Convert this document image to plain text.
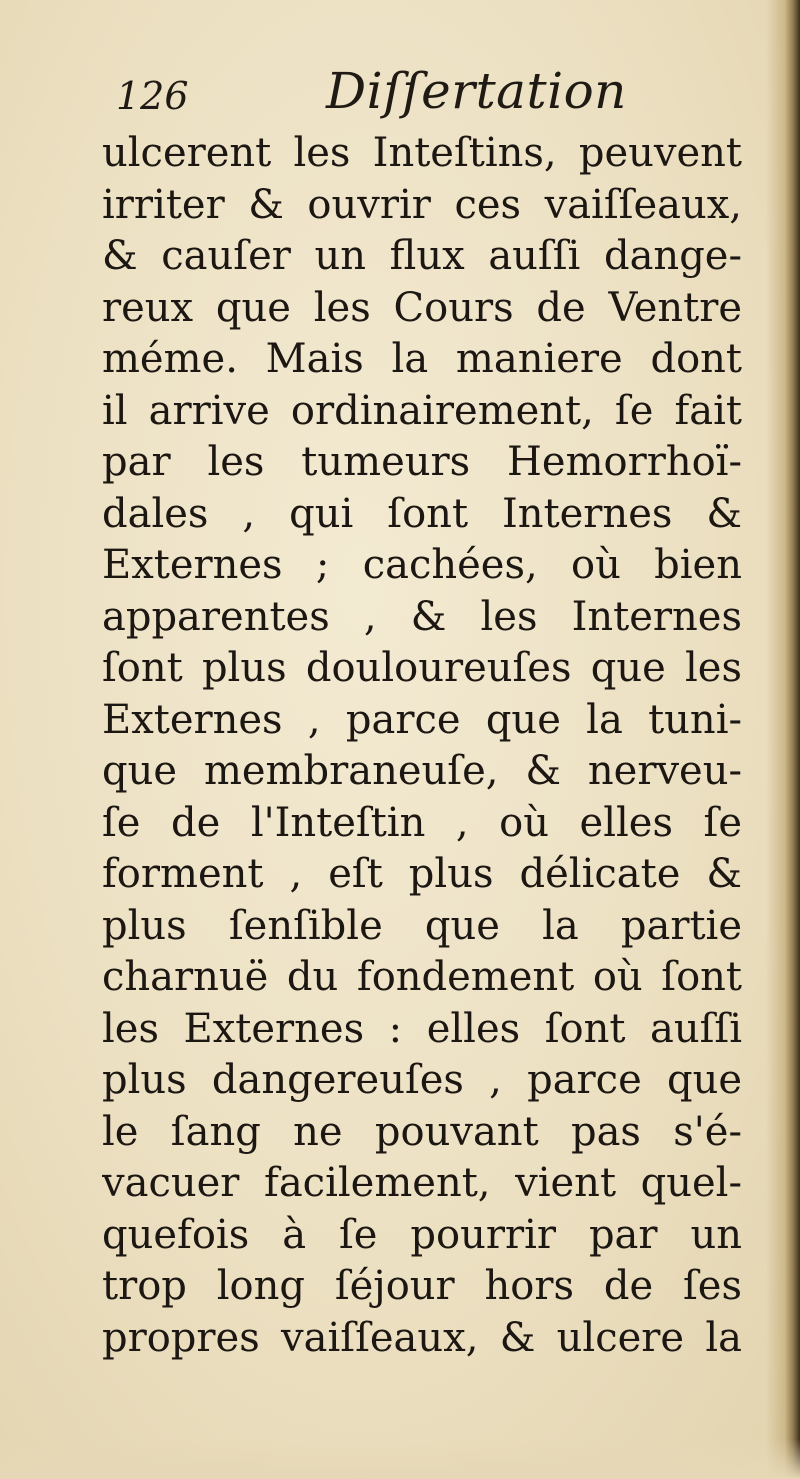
126	Diſſertation
ulcerent les Inteſtins, peuvent
irriter & ouvrir ces vaiſſeaux,
& cauſer un flux auſſi dange-
reux que les Cours de Ventre
méme. Mais la maniere dont
il arrive ordinairement, ſe fait
par les tumeurs Hemorrhoï-
dales , qui ſont Internes &
Externes ; cachées, où bien
apparentes , & les Internes
ſont plus douloureuſes que les
Externes , parce que la tuni-
que membraneuſe, & nerveu-
ſe de l'Inteſtin , où elles ſe
forment , eſt plus délicate &
plus ſenſible que la partie
charnuë du fondement où ſont
les Externes : elles ſont auſſi
plus dangereuſes , parce que
le ſang ne pouvant pas s'é-
vacuer facilement, vient quel-
quefois à ſe pourrir par un
trop long ſéjour hors de ſes
propres vaiſſeaux, & ulcere la
